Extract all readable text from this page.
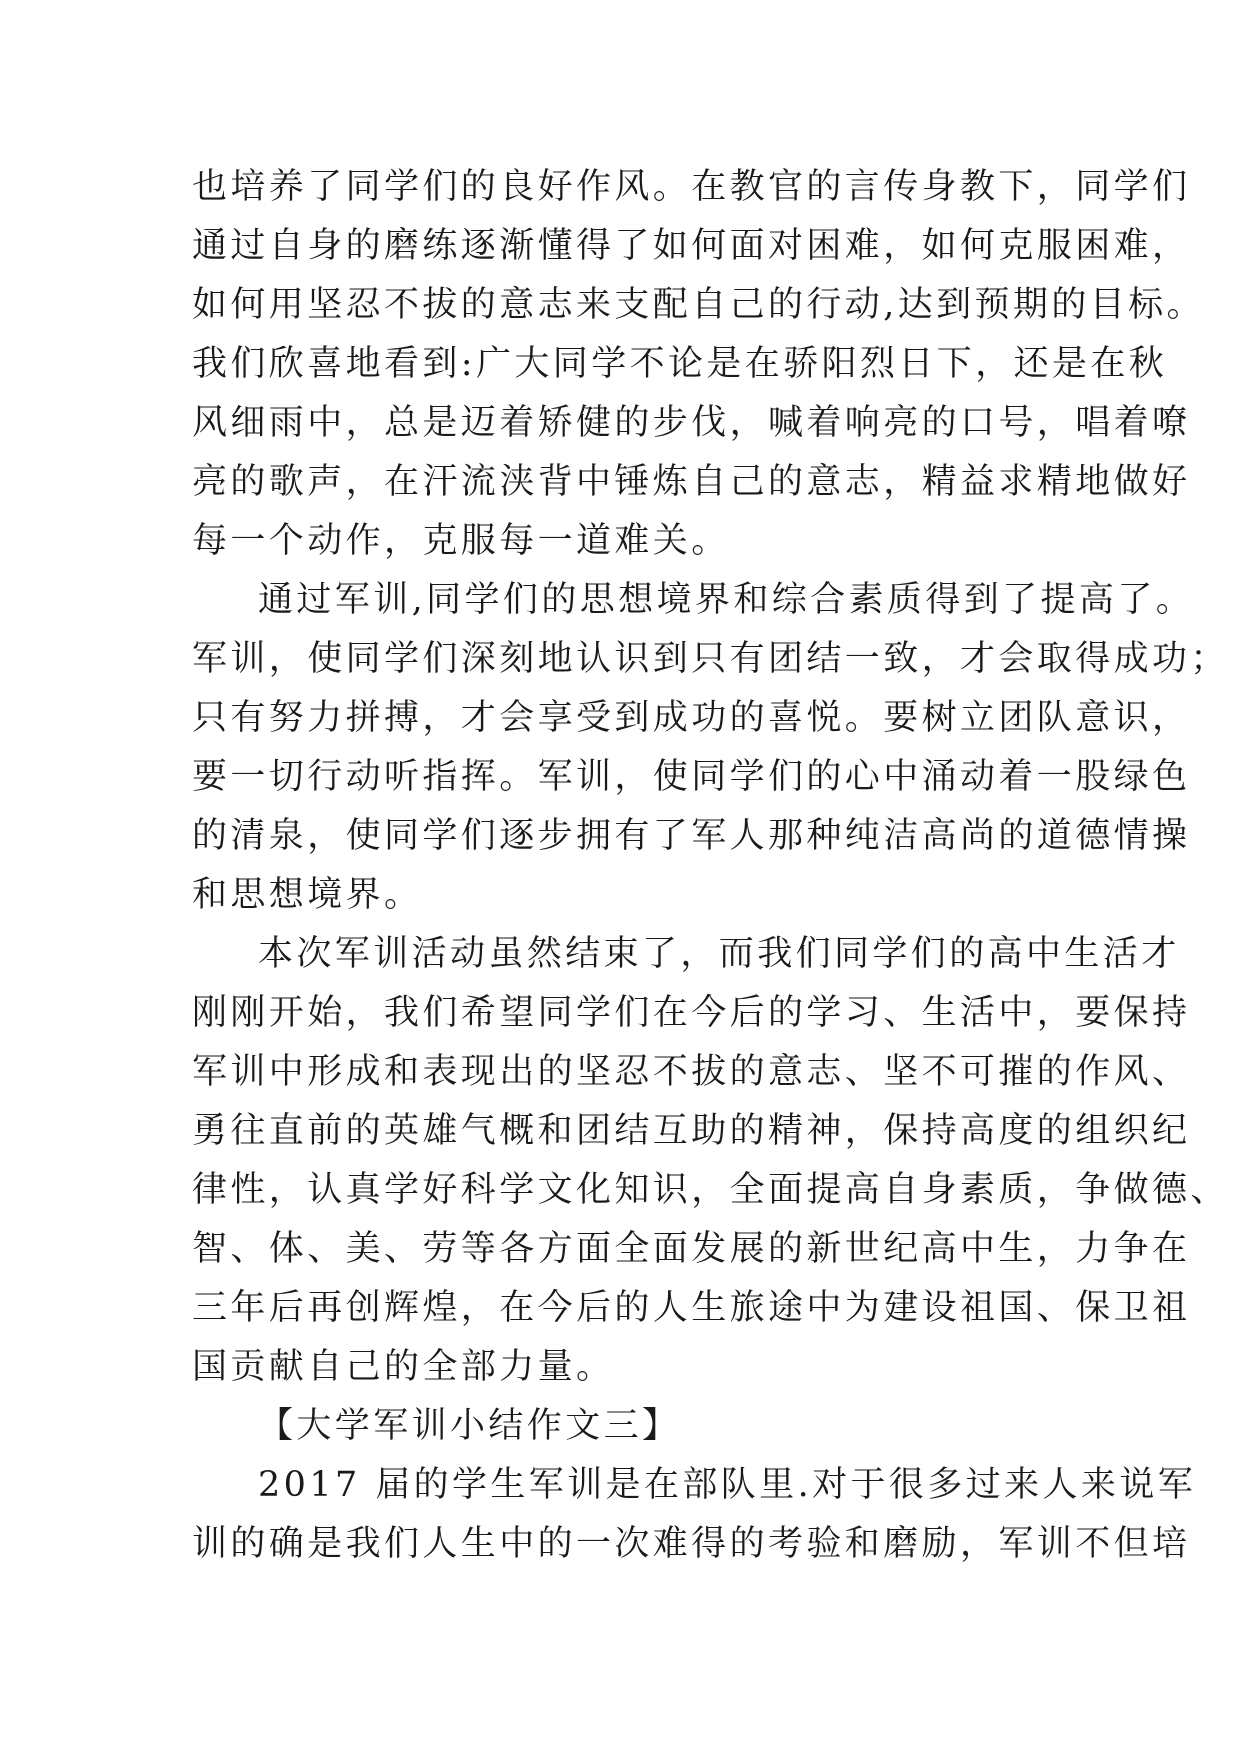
也培养了同学们的良好作风。在教官的言传身教下，同学们
通过自身的磨练逐渐懂得了如何面对困难，如何克服困难，
如何用坚忍不拔的意志来支配自己的行动,达到预期的目标。
我们欣喜地看到:广大同学不论是在骄阳烈日下，还是在秋
风细雨中，总是迈着矫健的步伐，喊着响亮的口号，唱着嘹
亮的歌声，在汗流浃背中锤炼自己的意志，精益求精地做好
每一个动作，克服每一道难关。
通过军训,同学们的思想境界和综合素质得到了提高了。
军训，使同学们深刻地认识到只有团结一致，才会取得成功；
只有努力拼搏，才会享受到成功的喜悦。要树立团队意识，
要一切行动听指挥。军训，使同学们的心中涌动着一股绿色
的清泉，使同学们逐步拥有了军人那种纯洁高尚的道德情操
和思想境界。
本次军训活动虽然结束了，而我们同学们的高中生活才
刚刚开始，我们希望同学们在今后的学习、生活中，要保持
军训中形成和表现出的坚忍不拔的意志、坚不可摧的作风、
勇往直前的英雄气概和团结互助的精神，保持高度的组织纪
律性，认真学好科学文化知识，全面提高自身素质，争做德、
智、体、美、劳等各方面全面发展的新世纪高中生，力争在
三年后再创辉煌，在今后的人生旅途中为建设祖国、保卫祖
国贡献自己的全部力量。
【大学军训小结作文三】
2017 届的学生军训是在部队里.对于很多过来人来说军
训的确是我们人生中的一次难得的考验和磨励，军训不但培
